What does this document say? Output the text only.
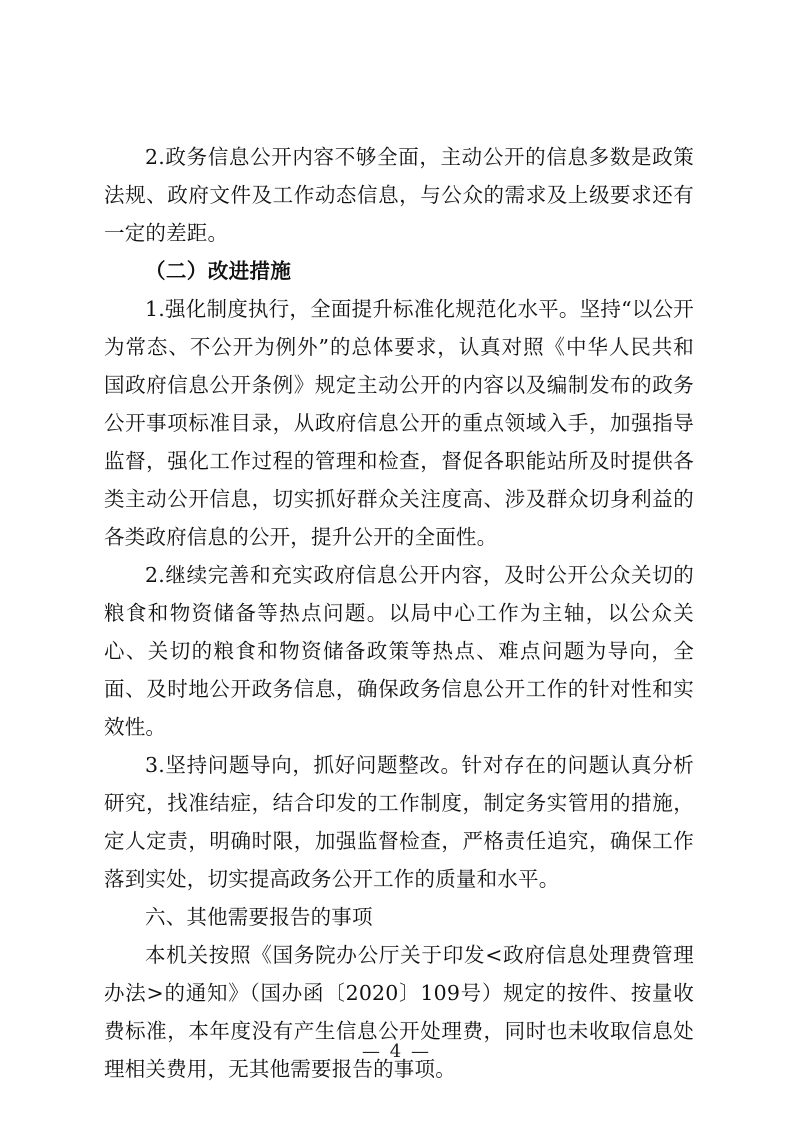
2.政务信息公开内容不够全面，主动公开的信息多数是政策法规、政府文件及工作动态信息，与公众的需求及上级要求还有一定的差距。

（二）改进措施

1.强化制度执行，全面提升标准化规范化水平。坚持“以公开为常态、不公开为例外”的总体要求，认真对照《中华人民共和国政府信息公开条例》规定主动公开的内容以及编制发布的政务公开事项标准目录，从政府信息公开的重点领域入手，加强指导监督，强化工作过程的管理和检查，督促各职能站所及时提供各类主动公开信息，切实抓好群众关注度高、涉及群众切身利益的各类政府信息的公开，提升公开的全面性。

2.继续完善和充实政府信息公开内容，及时公开公众关切的粮食和物资储备等热点问题。以局中心工作为主轴，以公众关心、关切的粮食和物资储备政策等热点、难点问题为导向，全面、及时地公开政务信息，确保政务信息公开工作的针对性和实效性。

3.坚持问题导向，抓好问题整改。针对存在的问题认真分析研究，找准结症，结合印发的工作制度，制定务实管用的措施，定人定责，明确时限，加强监督检查，严格责任追究，确保工作落到实处，切实提高政务公开工作的质量和水平。

六、其他需要报告的事项

本机关按照《国务院办公厅关于印发<政府信息处理费管理办法>的通知》（国办函〔2020〕109号）规定的按件、按量收费标准，本年度没有产生信息公开处理费，同时也未收取信息处理相关费用，无其他需要报告的事项。

— 4 —
